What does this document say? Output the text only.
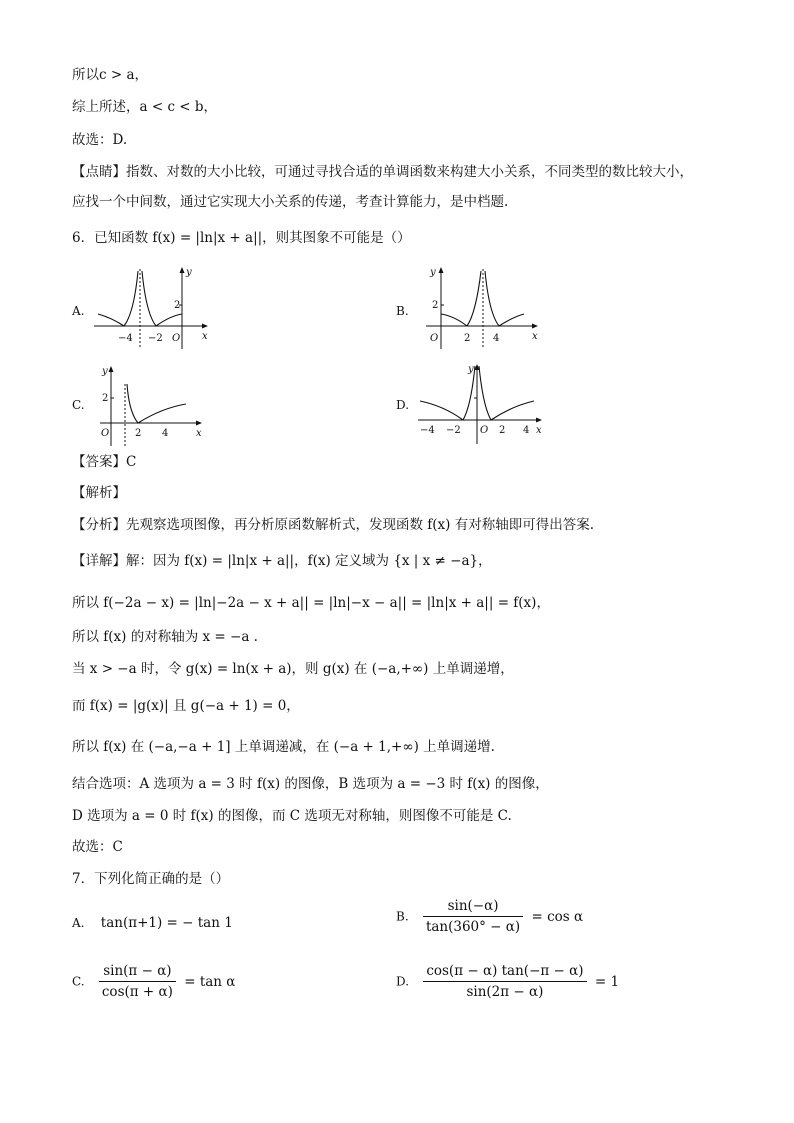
所以c > a，
综上所述，a < c < b，
故选：D.
【点睛】指数、对数的大小比较，可通过寻找合适的单调函数来构建大小关系，不同类型的数比较大小，
应找一个中间数，通过它实现大小关系的传递，考查计算能力，是中档题.
6．已知函数 f(x) = |ln|x + a||，则其图象不可能是（）
A.	B.
C.	D.
y
x
O
−4 −2
2
y
x
O	2 4
2
y
x
O	2 4
2
y
x
O
−4 −2	2 4
【答案】C
【解析】
【分析】先观察选项图像，再分析原函数解析式，发现函数 f(x) 有对称轴即可得出答案.
【详解】解：因为 f(x) = |ln|x + a||，f(x) 定义域为 {x | x ≠ −a}，
所以 f(−2a − x) = |ln|−2a − x + a|| = |ln|−x − a|| = |ln|x + a|| = f(x)，
所以 f(x) 的对称轴为 x = −a .
当 x > −a 时，令 g(x) = ln(x + a)，则 g(x) 在 (−a,+∞) 上单调递增，
而 f(x) = |g(x)| 且 g(−a + 1) = 0，
所以 f(x) 在 (−a,−a + 1] 上单调递减，在 (−a + 1,+∞) 上单调递增.
结合选项：A 选项为 a = 3 时 f(x) 的图像，B 选项为 a = −3 时 f(x) 的图像，
D 选项为 a = 0 时 f(x) 的图像，而 C 选项无对称轴，则图像不可能是 C.
故选：C
7．下列化简正确的是（）
A. tan(π+1) = − tan 1	B. $\frac{\sin(-\alpha)}{\tan(360^\circ - \alpha)} = \cos \alpha$
C. $\frac{\sin(\pi - \alpha)}{\cos(\pi + \alpha)} = \tan \alpha$	D. $\frac{\cos(\pi - \alpha) \tan(-\pi - \alpha)}{\sin(2\pi - \alpha)} = 1$
